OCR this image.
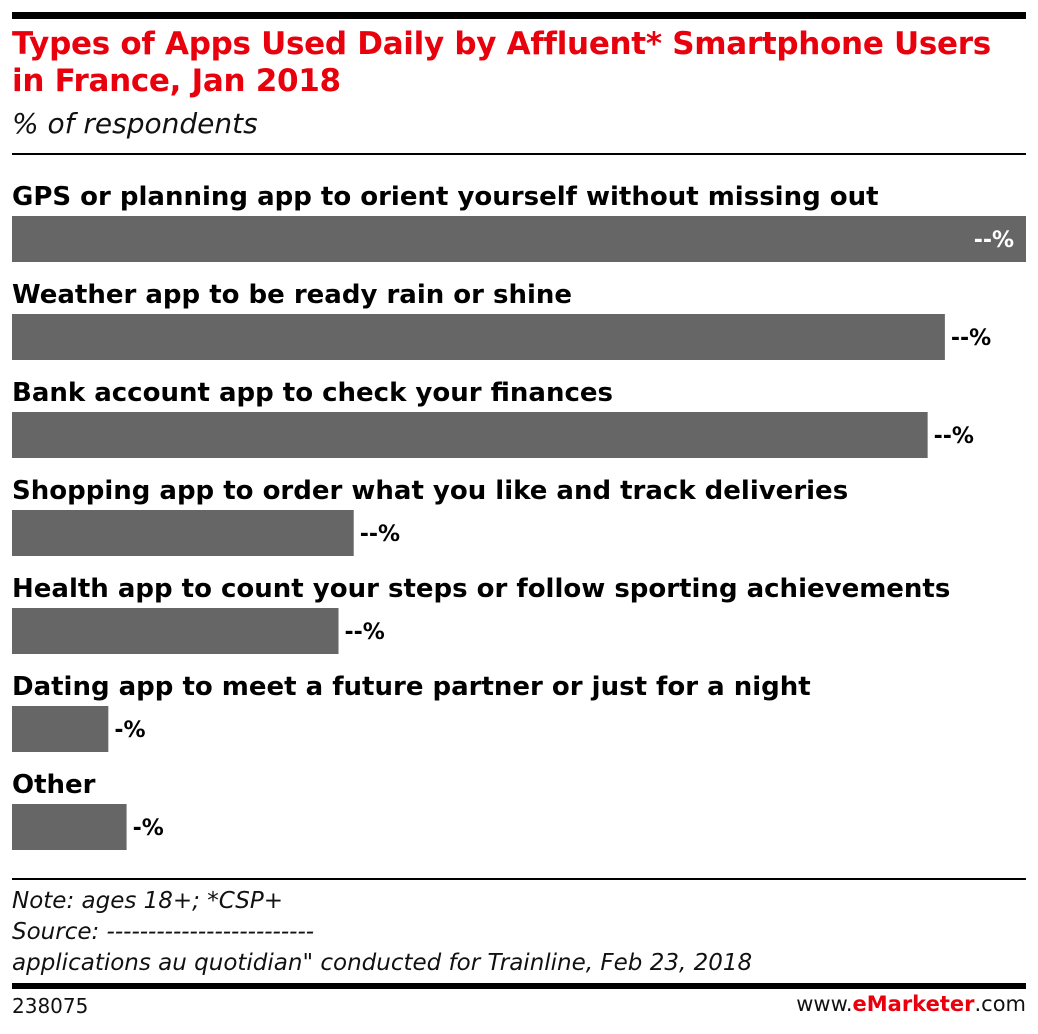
Types of Apps Used Daily by Affluent* Smartphone Users in France, Jan 2018
% of respondents
GPS or planning app to orient yourself without missing out
--%
Weather app to be ready rain or shine
--%
Bank account app to check your finances
--%
Shopping app to order what you like and track deliveries
--%
Health app to count your steps or follow sporting achievements
--%
Dating app to meet a future partner or just for a night
-%
Other
-%
Note: ages 18+; *CSP+
Source: -------------------------
applications au quotidian" conducted for Trainline, Feb 23, 2018
238075	www.eMarketer.com
